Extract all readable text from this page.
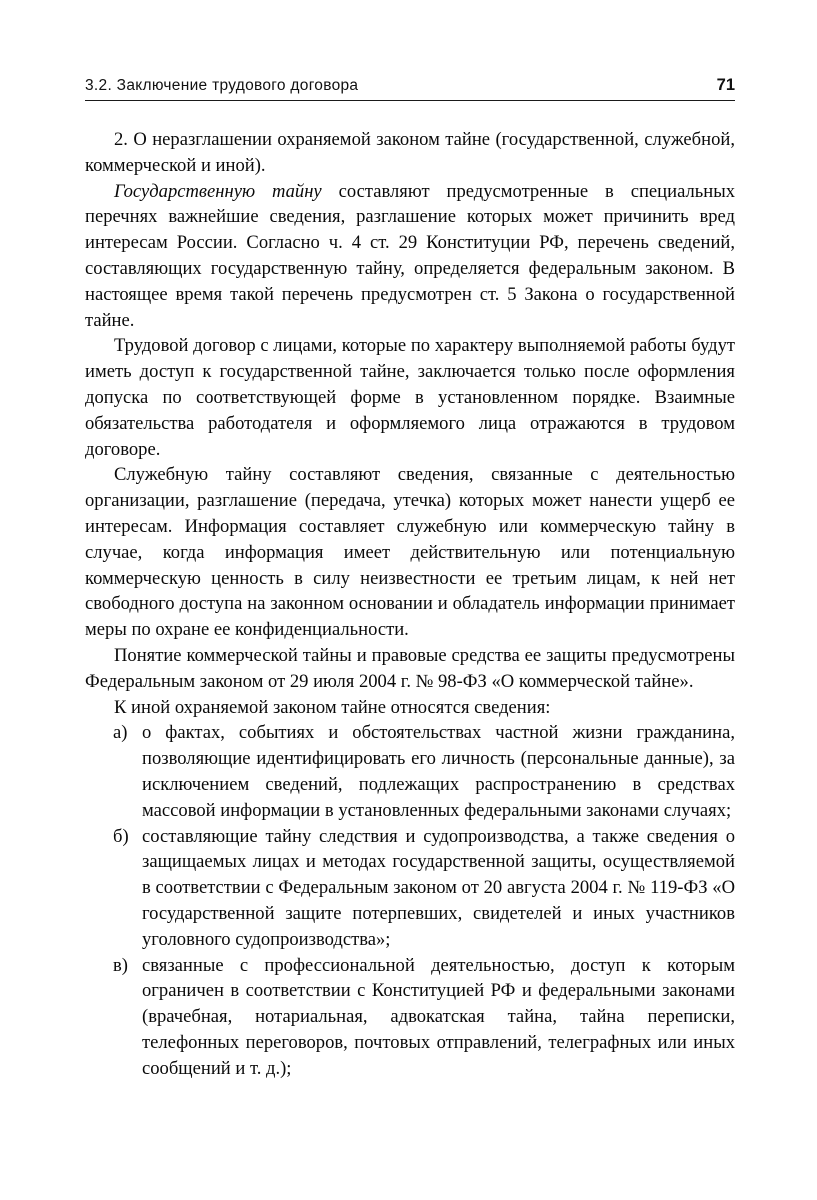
3.2. Заключение трудового договора	71

2. О неразглашении охраняемой законом тайне (государственной, служебной, коммерческой и иной).

Государственную тайну составляют предусмотренные в специальных перечнях важнейшие сведения, разглашение которых может причинить вред интересам России. Согласно ч. 4 ст. 29 Конституции РФ, перечень сведений, составляющих государственную тайну, определяется федеральным законом. В настоящее время такой перечень предусмотрен ст. 5 Закона о государственной тайне.

Трудовой договор с лицами, которые по характеру выполняемой работы будут иметь доступ к государственной тайне, заключается только после оформления допуска по соответствующей форме в установленном порядке. Взаимные обязательства работодателя и оформляемого лица отражаются в трудовом договоре.

Служебную тайну составляют сведения, связанные с деятельностью организации, разглашение (передача, утечка) которых может нанести ущерб ее интересам. Информация составляет служебную или коммерческую тайну в случае, когда информация имеет действительную или потенциальную коммерческую ценность в силу неизвестности ее третьим лицам, к ней нет свободного доступа на законном основании и обладатель информации принимает меры по охране ее конфиденциальности.

Понятие коммерческой тайны и правовые средства ее защиты предусмотрены Федеральным законом от 29 июля 2004 г. № 98-ФЗ «О коммерческой тайне».

К иной охраняемой законом тайне относятся сведения:

а) о фактах, событиях и обстоятельствах частной жизни гражданина, позволяющие идентифицировать его личность (персональные данные), за исключением сведений, подлежащих распространению в средствах массовой информации в установленных федеральными законами случаях;
б) составляющие тайну следствия и судопроизводства, а также сведения о защищаемых лицах и методах государственной защиты, осуществляемой в соответствии с Федеральным законом от 20 августа 2004 г. № 119-ФЗ «О государственной защите потерпевших, свидетелей и иных участников уголовного судопроизводства»;
в) связанные с профессиональной деятельностью, доступ к которым ограничен в соответствии с Конституцией РФ и федеральными законами (врачебная, нотариальная, адвокатская тайна, тайна переписки, телефонных переговоров, почтовых отправлений, телеграфных или иных сообщений и т. д.);
